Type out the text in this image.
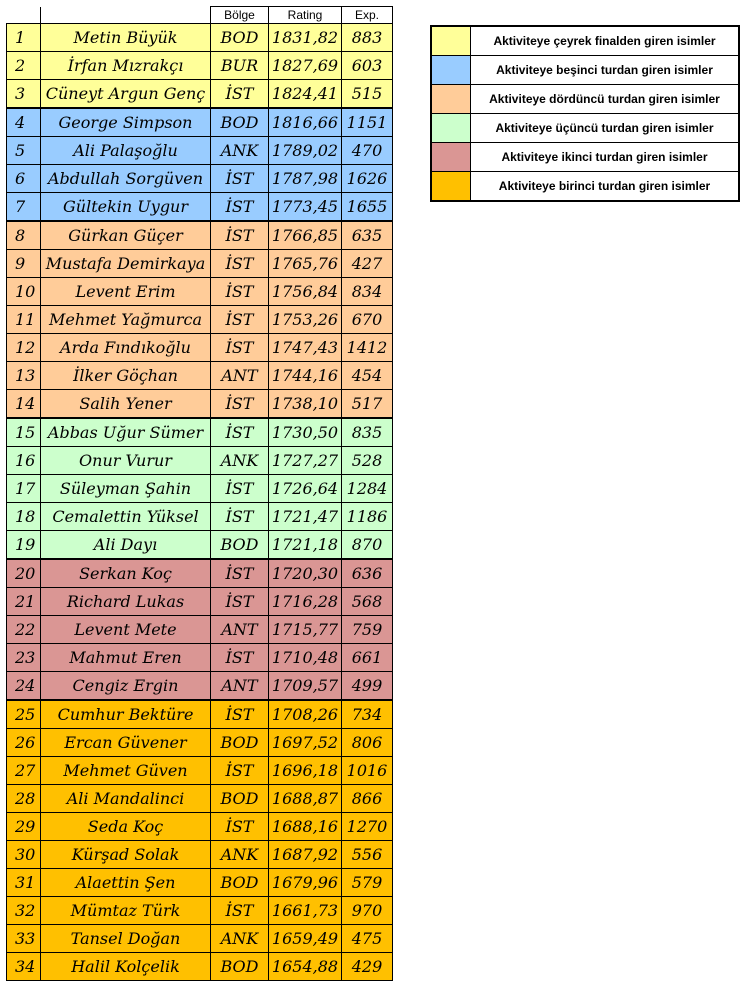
		Bölge	Rating	Exp.
1	Metin Büyük	BOD	1831,82	883
2	İrfan Mızrakçı	BUR	1827,69	603
3	Cüneyt Argun Genç	İST	1824,41	515
4	George Simpson	BOD	1816,66	1151
5	Ali Palaşoğlu	ANK	1789,02	470
6	Abdullah Sorgüven	İST	1787,98	1626
7	Gültekin Uygur	İST	1773,45	1655
8	Gürkan Güçer	İST	1766,85	635
9	Mustafa Demirkaya	İST	1765,76	427
10	Levent Erim	İST	1756,84	834
11	Mehmet Yağmurca	İST	1753,26	670
12	Arda Fındıkoğlu	İST	1747,43	1412
13	İlker Göçhan	ANT	1744,16	454
14	Salih Yener	İST	1738,10	517
15	Abbas Uğur Sümer	İST	1730,50	835
16	Onur Vurur	ANK	1727,27	528
17	Süleyman Şahin	İST	1726,64	1284
18	Cemalettin Yüksel	İST	1721,47	1186
19	Ali Dayı	BOD	1721,18	870
20	Serkan Koç	İST	1720,30	636
21	Richard Lukas	İST	1716,28	568
22	Levent Mete	ANT	1715,77	759
23	Mahmut Eren	İST	1710,48	661
24	Cengiz Ergin	ANT	1709,57	499
25	Cumhur Bektüre	İST	1708,26	734
26	Ercan Güvener	BOD	1697,52	806
27	Mehmet Güven	İST	1696,18	1016
28	Ali Mandalinci	BOD	1688,87	866
29	Seda Koç	İST	1688,16	1270
30	Kürşad Solak	ANK	1687,92	556
31	Alaettin Şen	BOD	1679,96	579
32	Mümtaz Türk	İST	1661,73	970
33	Tansel Doğan	ANK	1659,49	475
34	Halil Kolçelik	BOD	1654,88	429
	Aktiviteye çeyrek finalden giren isimler
	Aktiviteye beşinci turdan giren isimler
	Aktiviteye dördüncü turdan giren isimler
	Aktiviteye üçüncü turdan giren isimler
	Aktiviteye ikinci turdan giren isimler
	Aktiviteye birinci turdan giren isimler
